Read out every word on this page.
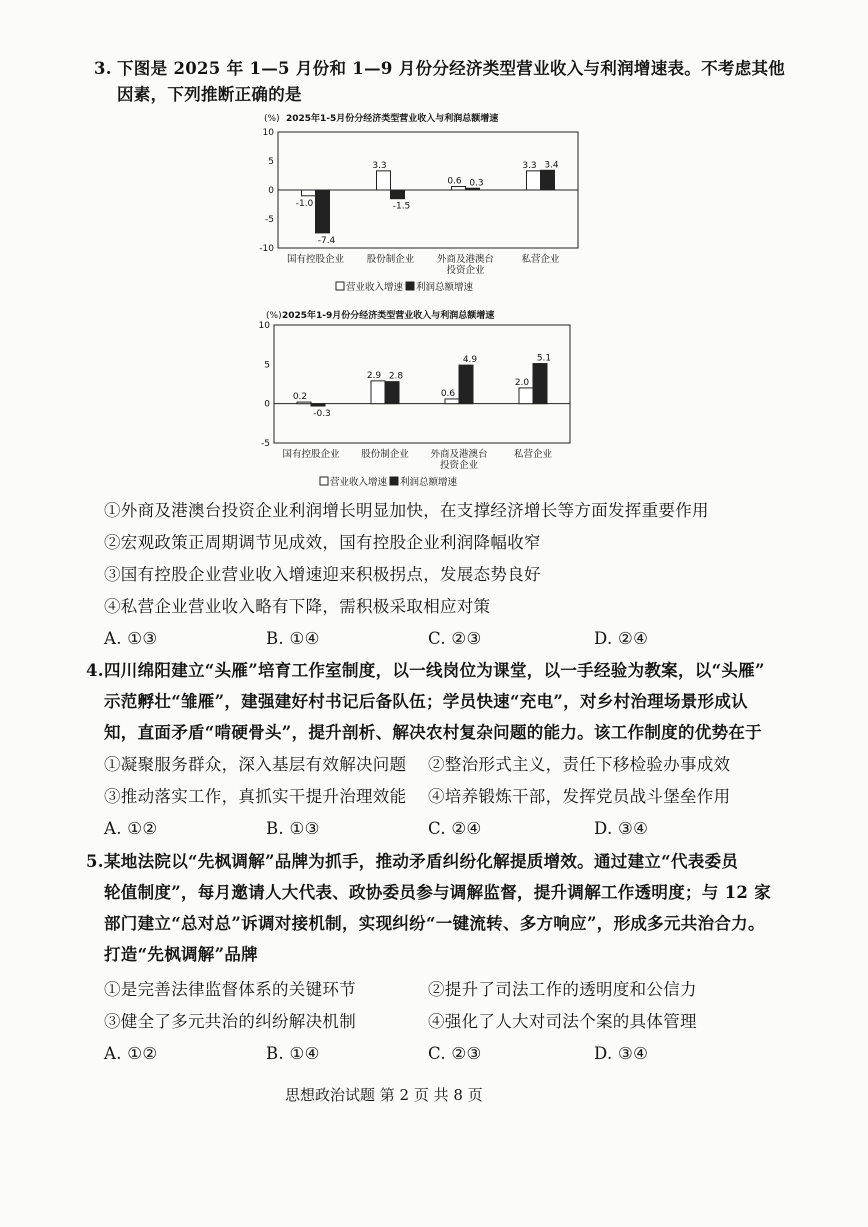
3. 下图是 2025 年 1—5 月份和 1—9 月份分经济类型营业收入与利润增速表。不考虑其他
因素，下列推断正确的是
(%) 2025年1-5月份分经济类型营业收入与利润总额增速
10
5
0
-5
-10
-1.0
-7.4
国有控股企业
3.3
-1.5
股份制企业
0.6 0.3
外商及港澳台
投资企业
3.3 3.4
私营企业
营业收入增速 利润总额增速
(%) 2025年1-9月份分经济类型营业收入与利润总额增速
10
5
0
-5
0.2
-0.3
国有控股企业
2.9 2.8
股份制企业
0.6
4.9
外商及港澳台
投资企业
2.0
5.1
私营企业
营业收入增速 利润总额增速
①外商及港澳台投资企业利润增长明显加快，在支撑经济增长等方面发挥重要作用
②宏观政策正周期调节见成效，国有控股企业利润降幅收窄
③国有控股企业营业收入增速迎来积极拐点，发展态势良好
④私营企业营业收入略有下降，需积极采取相应对策
A. ①③	B. ①④	C. ②③	D. ②④
4. 四川绵阳建立“头雁”培育工作室制度，以一线岗位为课堂，以一手经验为教案，以“头雁”
示范孵壮“雏雁”，建强建好村书记后备队伍；学员快速“充电”，对乡村治理场景形成认
知，直面矛盾“啃硬骨头”，提升剖析、解决农村复杂问题的能力。该工作制度的优势在于
①凝聚服务群众，深入基层有效解决问题 ②整治形式主义，责任下移检验办事成效
③推动落实工作，真抓实干提升治理效能 ④培养锻炼干部，发挥党员战斗堡垒作用
A. ①②	B. ①③	C. ②④	D. ③④
5. 某地法院以“先枫调解”品牌为抓手，推动矛盾纠纷化解提质增效。通过建立“代表委员
轮值制度”，每月邀请人大代表、政协委员参与调解监督，提升调解工作透明度；与 12 家
部门建立“总对总”诉调对接机制，实现纠纷“一键流转、多方响应”，形成多元共治合力。
打造“先枫调解”品牌
①是完善法律监督体系的关键环节	②提升了司法工作的透明度和公信力
③健全了多元共治的纠纷解决机制	④强化了人大对司法个案的具体管理
A. ①②	B. ①④	C. ②③	D. ③④
思想政治试题 第 2 页 共 8 页
